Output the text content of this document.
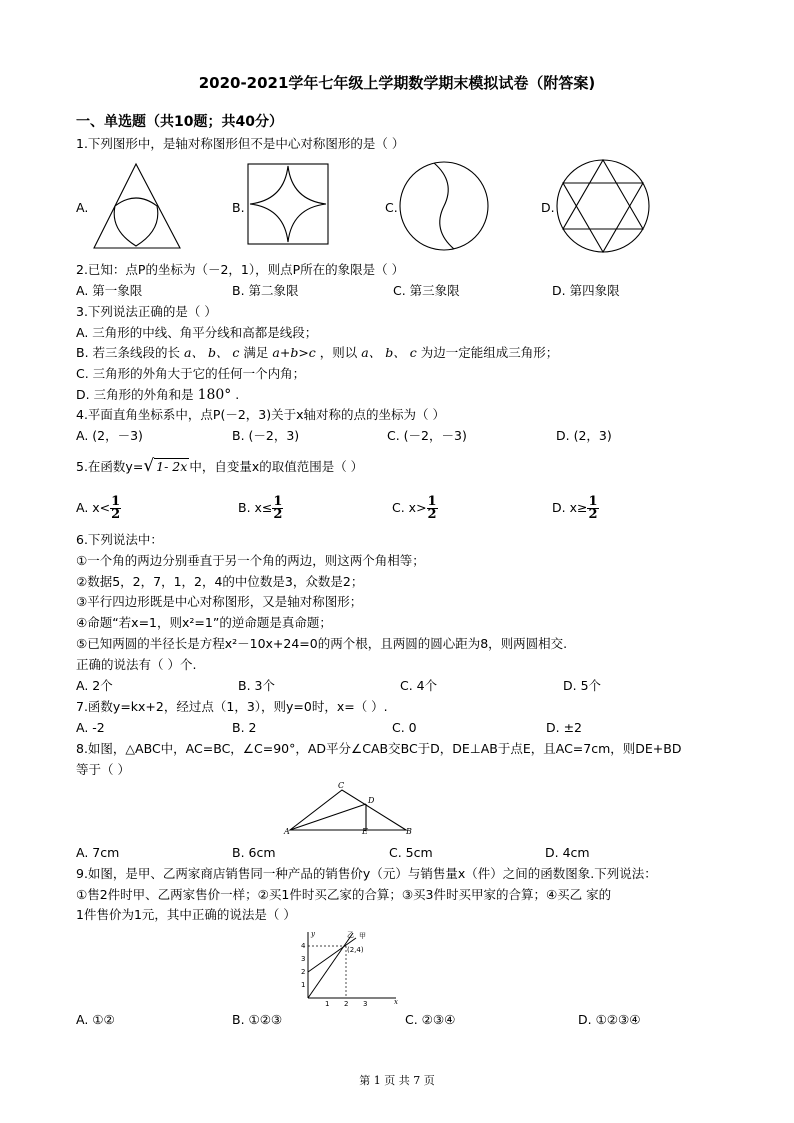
2020-2021学年七年级上学期数学期末模拟试卷（附答案)
一、单选题（共10题；共40分）
1.下列图形中，是轴对称图形但不是中心对称图形的是（ ）
A.	B.	C.	D.
2.已知：点P的坐标为（－2，1），则点P所在的象限是（ ）
A. 第一象限	B. 第二象限	C. 第三象限	D. 第四象限
3.下列说法正确的是（ ）
A. 三角形的中线、角平分线和高都是线段；
B. 若三条线段的长 a、 b、 c 满足 a+b>c ，则以 a、 b、 c 为边一定能组成三角形；
C. 三角形的外角大于它的任何一个内角；
D. 三角形的外角和是 180° .
4.平面直角坐标系中，点P(－2，3)关于x轴对称的点的坐标为（ ）
A. (2，－3)	B. (－2，3)	C. (－2，－3)	D. (2，3)
5.在函数y=√ 1- 2x 中，自变量x的取值范围是（ ）
A. $x< \frac{1}{2}$	B. $x\le \frac{1}{2}$	C. $x> \frac{1}{2}$	D. $x\ge \frac{1}{2}$
6.下列说法中：
①一个角的两边分别垂直于另一个角的两边，则这两个角相等；
②数据5，2，7，1，2，4的中位数是3，众数是2；
③平行四边形既是中心对称图形，又是轴对称图形；
④命题“若x=1，则x²=1”的逆命题是真命题；
⑤已知两圆的半径长是方程x²－10x+24=0的两个根，且两圆的圆心距为8，则两圆相交.
正确的说法有（ ）个.
A. 2个	B. 3个	C. 4个	D. 5个
7.函数y=kx+2，经过点（1，3），则y=0时，x=（ ）.
A. -2	B. 2	C. 0	D. ±2
8.如图，△ABC中，AC=BC，∠C=90°，AD平分∠CAB交BC于D，DE⊥AB于点E，且AC=7cm，则DE+BD
等于（ ）
C
D
A	E	B
A. 7cm	B. 6cm	C. 5cm	D. 4cm
9.如图，是甲、乙两家商店销售同一种产品的销售价y（元）与销售量x（件）之间的函数图象.下列说法：
①售2件时甲、乙两家售价一样；②买1件时买乙家的合算；③买3件时买甲家的合算；④买乙 家的
1件售价为1元，其中正确的说法是（ ）
4
3
2
1
1 2 3
y
x
(2,4)
乙 甲
A. ①②	B. ①②③	C. ②③④	D. ①②③④
第 1 页 共 7 页
